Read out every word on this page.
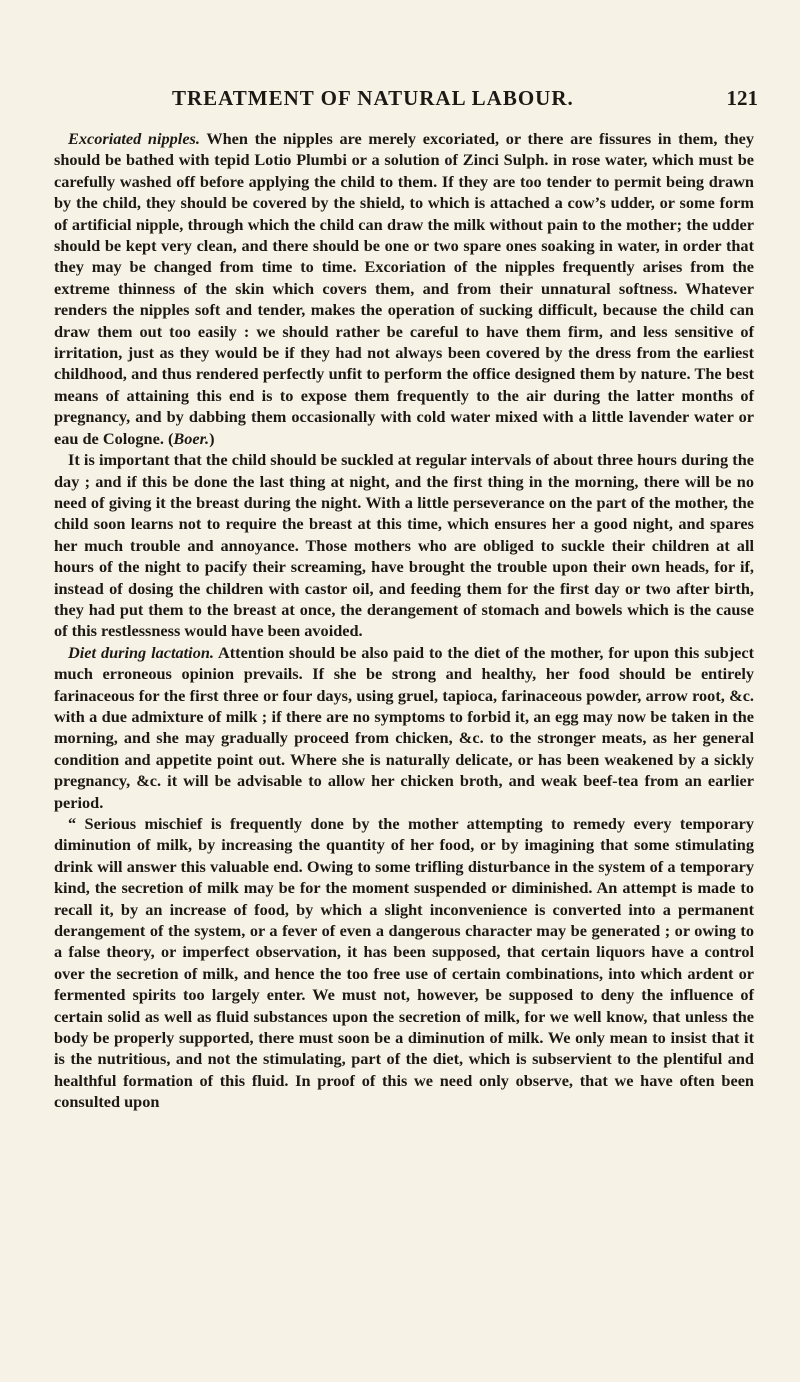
TREATMENT OF NATURAL LABOUR.	121

Excoriated nipples. When the nipples are merely excoriated, or there are fissures in them, they should be bathed with tepid Lotio Plumbi or a solution of Zinci Sulph. in rose water, which must be carefully washed off before applying the child to them. If they are too tender to permit being drawn by the child, they should be covered by the shield, to which is attached a cow’s udder, or some form of artificial nipple, through which the child can draw the milk without pain to the mother; the udder should be kept very clean, and there should be one or two spare ones soaking in water, in order that they may be changed from time to time. Excoriation of the nipples frequently arises from the extreme thinness of the skin which covers them, and from their unnatural softness. Whatever renders the nipples soft and tender, makes the operation of sucking difficult, because the child can draw them out too easily : we should rather be careful to have them firm, and less sensitive of irritation, just as they would be if they had not always been covered by the dress from the earliest childhood, and thus rendered perfectly unfit to perform the office designed them by nature. The best means of attaining this end is to expose them frequently to the air during the latter months of pregnancy, and by dabbing them occasionally with cold water mixed with a little lavender water or eau de Cologne. (Boer.)

It is important that the child should be suckled at regular intervals of about three hours during the day ; and if this be done the last thing at night, and the first thing in the morning, there will be no need of giving it the breast during the night. With a little perseverance on the part of the mother, the child soon learns not to require the breast at this time, which ensures her a good night, and spares her much trouble and annoyance. Those mothers who are obliged to suckle their children at all hours of the night to pacify their screaming, have brought the trouble upon their own heads, for if, instead of dosing the children with castor oil, and feeding them for the first day or two after birth, they had put them to the breast at once, the derangement of stomach and bowels which is the cause of this restlessness would have been avoided.

Diet during lactation. Attention should be also paid to the diet of the mother, for upon this subject much erroneous opinion prevails. If she be strong and healthy, her food should be entirely farinaceous for the first three or four days, using gruel, tapioca, farinaceous powder, arrow root, &c. with a due admixture of milk ; if there are no symptoms to forbid it, an egg may now be taken in the morning, and she may gradually proceed from chicken, &c. to the stronger meats, as her general condition and appetite point out. Where she is naturally delicate, or has been weakened by a sickly pregnancy, &c. it will be advisable to allow her chicken broth, and weak beef-tea from an earlier period.

“ Serious mischief is frequently done by the mother attempting to remedy every temporary diminution of milk, by increasing the quantity of her food, or by imagining that some stimulating drink will answer this valuable end. Owing to some trifling disturbance in the system of a temporary kind, the secretion of milk may be for the moment suspended or diminished. An attempt is made to recall it, by an increase of food, by which a slight inconvenience is converted into a permanent derangement of the system, or a fever of even a dangerous character may be generated ; or owing to a false theory, or imperfect observation, it has been supposed, that certain liquors have a control over the secretion of milk, and hence the too free use of certain combinations, into which ardent or fermented spirits too largely enter. We must not, however, be supposed to deny the influence of certain solid as well as fluid substances upon the secretion of milk, for we well know, that unless the body be properly supported, there must soon be a diminution of milk. We only mean to insist that it is the nutritious, and not the stimulating, part of the diet, which is subservient to the plentiful and healthful formation of this fluid. In proof of this we need only observe, that we have often been consulted upon
